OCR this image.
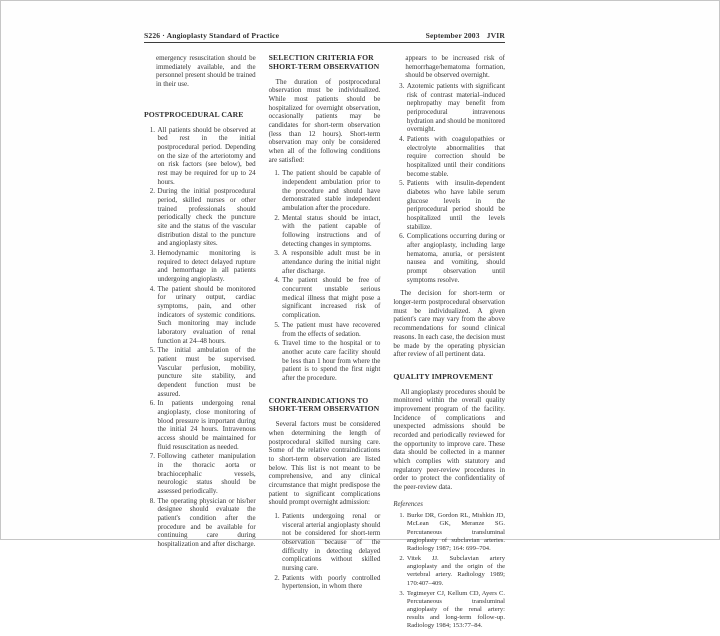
S226 · Angioplasty Standard of Practice	September 2003 JVIR

emergency resuscitation should be immediately available, and the personnel present should be trained in their use.

POSTPROCEDURAL CARE
1. All patients should be observed at bed rest in the initial postprocedural period. Depending on the size of the arteriotomy and on risk factors (see below), bed rest may be required for up to 24 hours.
2. During the initial postprocedural period, skilled nurses or other trained professionals should periodically check the puncture site and the status of the vascular distribution distal to the puncture and angioplasty sites.
3. Hemodynamic monitoring is required to detect delayed rupture and hemorrhage in all patients undergoing angioplasty.
4. The patient should be monitored for urinary output, cardiac symptoms, pain, and other indicators of systemic conditions. Such monitoring may include laboratory evaluation of renal function at 24–48 hours.
5. The initial ambulation of the patient must be supervised. Vascular perfusion, mobility, puncture site stability, and dependent function must be assured.
6. In patients undergoing renal angioplasty, close monitoring of blood pressure is important during the initial 24 hours. Intravenous access should be maintained for fluid resuscitation as needed.
7. Following catheter manipulation in the thoracic aorta or brachiocephalic vessels, neurologic status should be assessed periodically.
8. The operating physician or his/her designee should evaluate the patient's condition after the procedure and be available for continuing care during hospitalization and after discharge.
SELECTION CRITERIA FOR SHORT-TERM OBSERVATION

The duration of postprocedural observation must be individualized. While most patients should be hospitalized for overnight observation, occasionally patients may be candidates for short-term observation (less than 12 hours). Short-term observation may only be considered when all of the following conditions are satisfied:

1. The patient should be capable of independent ambulation prior to the procedure and should have demonstrated stable independent ambulation after the procedure.
2. Mental status should be intact, with the patient capable of following instructions and of detecting changes in symptoms.
3. A responsible adult must be in attendance during the initial night after discharge.
4. The patient should be free of concurrent unstable serious medical illness that might pose a significant increased risk of complication.
5. The patient must have recovered from the effects of sedation.
6. Travel time to the hospital or to another acute care facility should be less than 1 hour from where the patient is to spend the first night after the procedure.
CONTRAINDICATIONS TO SHORT-TERM OBSERVATION

Several factors must be considered when determining the length of postprocedural skilled nursing care. Some of the relative contraindications to short-term observation are listed below. This list is not meant to be comprehensive, and any clinical circumstance that might predispose the patient to significant complications should prompt overnight admission:

1. Patients undergoing renal or visceral arterial angioplasty should not be considered for short-term observation because of the difficulty in detecting delayed complications without skilled nursing care.
2. Patients with poorly controlled hypertension, in whom there

appears to be increased risk of hemorrhage/hematoma formation, should be observed overnight.

3. Azotemic patients with significant risk of contrast material–induced nephropathy may benefit from periprocedural intravenous hydration and should be monitored overnight.
4. Patients with coagulopathies or electrolyte abnormalities that require correction should be hospitalized until their conditions become stable.
5. Patients with insulin-dependent diabetes who have labile serum glucose levels in the periprocedural period should be hospitalized until the levels stabilize.
6. Complications occurring during or after angioplasty, including large hematoma, anuria, or persistent nausea and vomiting, should prompt observation until symptoms resolve.

The decision for short-term or longer-term postprocedural observation must be individualized. A given patient's care may vary from the above recommendations for sound clinical reasons. In each case, the decision must be made by the operating physician after review of all pertinent data.

QUALITY IMPROVEMENT

All angioplasty procedures should be monitored within the overall quality improvement program of the facility. Incidence of complications and unexpected admissions should be recorded and periodically reviewed for the opportunity to improve care. These data should be collected in a manner which complies with statutory and regulatory peer-review procedures in order to protect the confidentiality of the peer-review data.

References

1. Burke DR, Gordon RL, Mishkin JD, McLean GK, Meranze SG. Percutaneous transluminal angioplasty of subclavian arteries. Radiology 1987; 164: 699–704.
2. Vitek JJ. Subclavian artery angioplasty and the origin of the vertebral artery. Radiology 1989; 170:407–409.
3. Tegtmeyer CJ, Kellum CD, Ayers C. Percutaneous transluminal angioplasty of the renal artery: results and long-term follow-up. Radiology 1984; 153:77–84.
